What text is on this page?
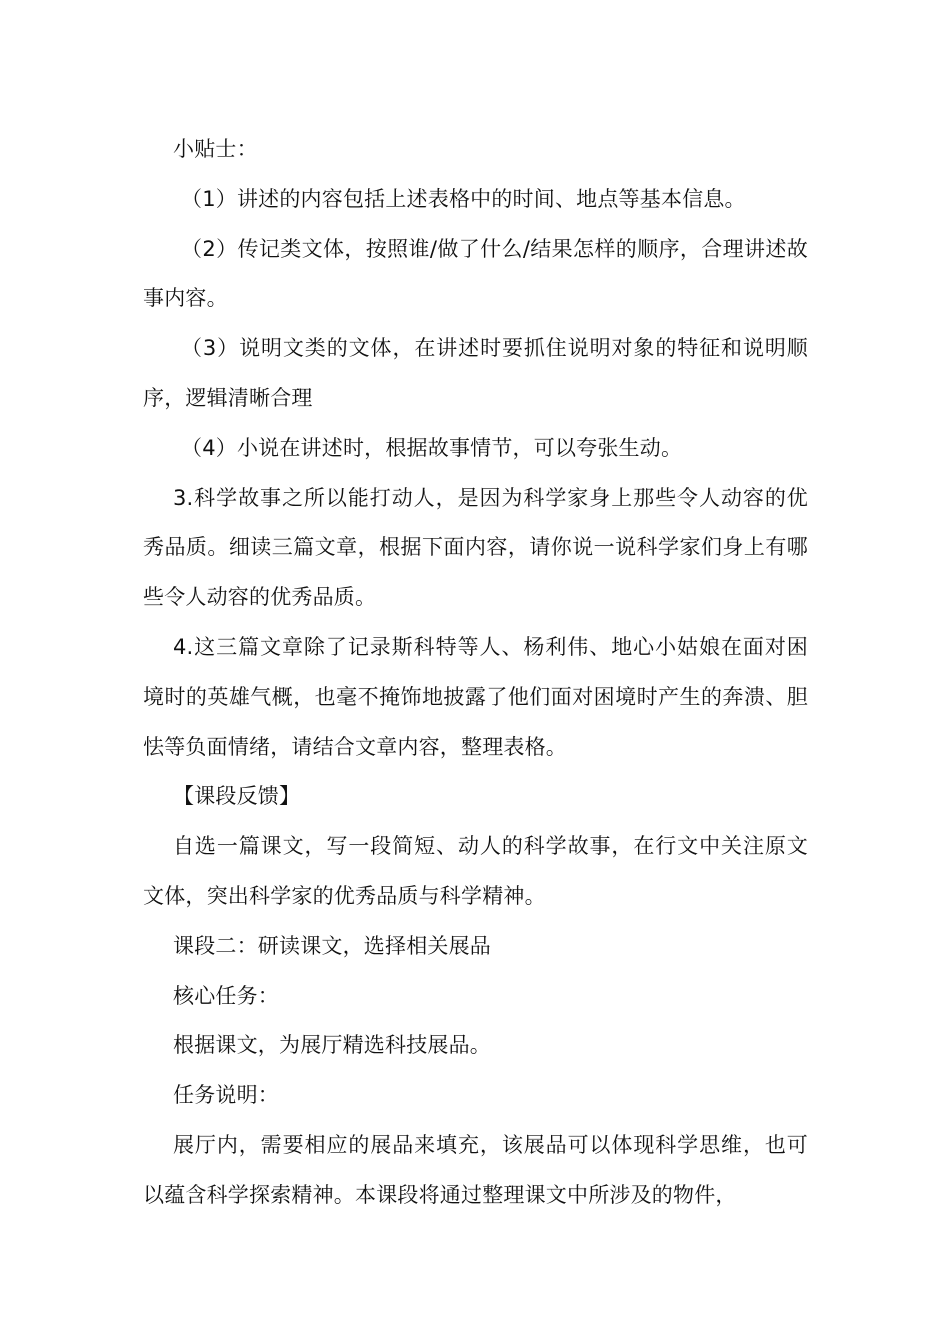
小贴士：

（1）讲述的内容包括上述表格中的时间、地点等基本信息。

（2）传记类文体，按照谁/做了什么/结果怎样的顺序，合理讲述故事内容。

（3）说明文类的文体，在讲述时要抓住说明对象的特征和说明顺序，逻辑清晰合理

（4）小说在讲述时，根据故事情节，可以夸张生动。

3.科学故事之所以能打动人，是因为科学家身上那些令人动容的优秀品质。细读三篇文章，根据下面内容，请你说一说科学家们身上有哪些令人动容的优秀品质。

4.这三篇文章除了记录斯科特等人、杨利伟、地心小姑娘在面对困境时的英雄气概，也毫不掩饰地披露了他们面对困境时产生的奔溃、胆怯等负面情绪，请结合文章内容，整理表格。

【课段反馈】

自选一篇课文，写一段简短、动人的科学故事，在行文中关注原文文体，突出科学家的优秀品质与科学精神。

课段二：研读课文，选择相关展品

核心任务：

根据课文，为展厅精选科技展品。

任务说明：

展厅内，需要相应的展品来填充，该展品可以体现科学思维，也可以蕴含科学探索精神。本课段将通过整理课文中所涉及的物件，
